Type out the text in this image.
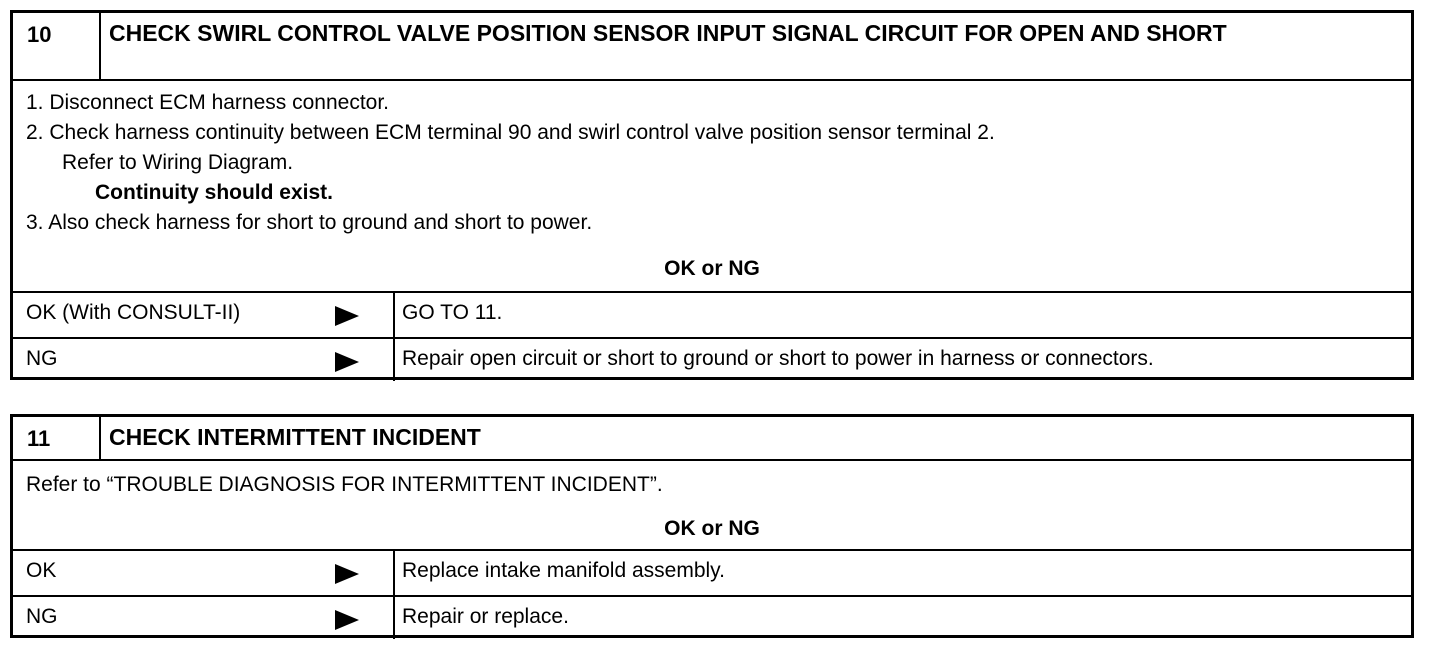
10	CHECK SWIRL CONTROL VALVE POSITION SENSOR INPUT SIGNAL CIRCUIT FOR OPEN AND SHORT
1. Disconnect ECM harness connector.
2. Check harness continuity between ECM terminal 90 and swirl control valve position sensor terminal 2.
Refer to Wiring Diagram.
Continuity should exist.
3. Also check harness for short to ground and short to power.
OK or NG
OK (With CONSULT-II)	GO TO 11.
NG	Repair open circuit or short to ground or short to power in harness or connectors.
11	CHECK INTERMITTENT INCIDENT
Refer to “TROUBLE DIAGNOSIS FOR INTERMITTENT INCIDENT”.
OK or NG
OK	Replace intake manifold assembly.
NG	Repair or replace.
